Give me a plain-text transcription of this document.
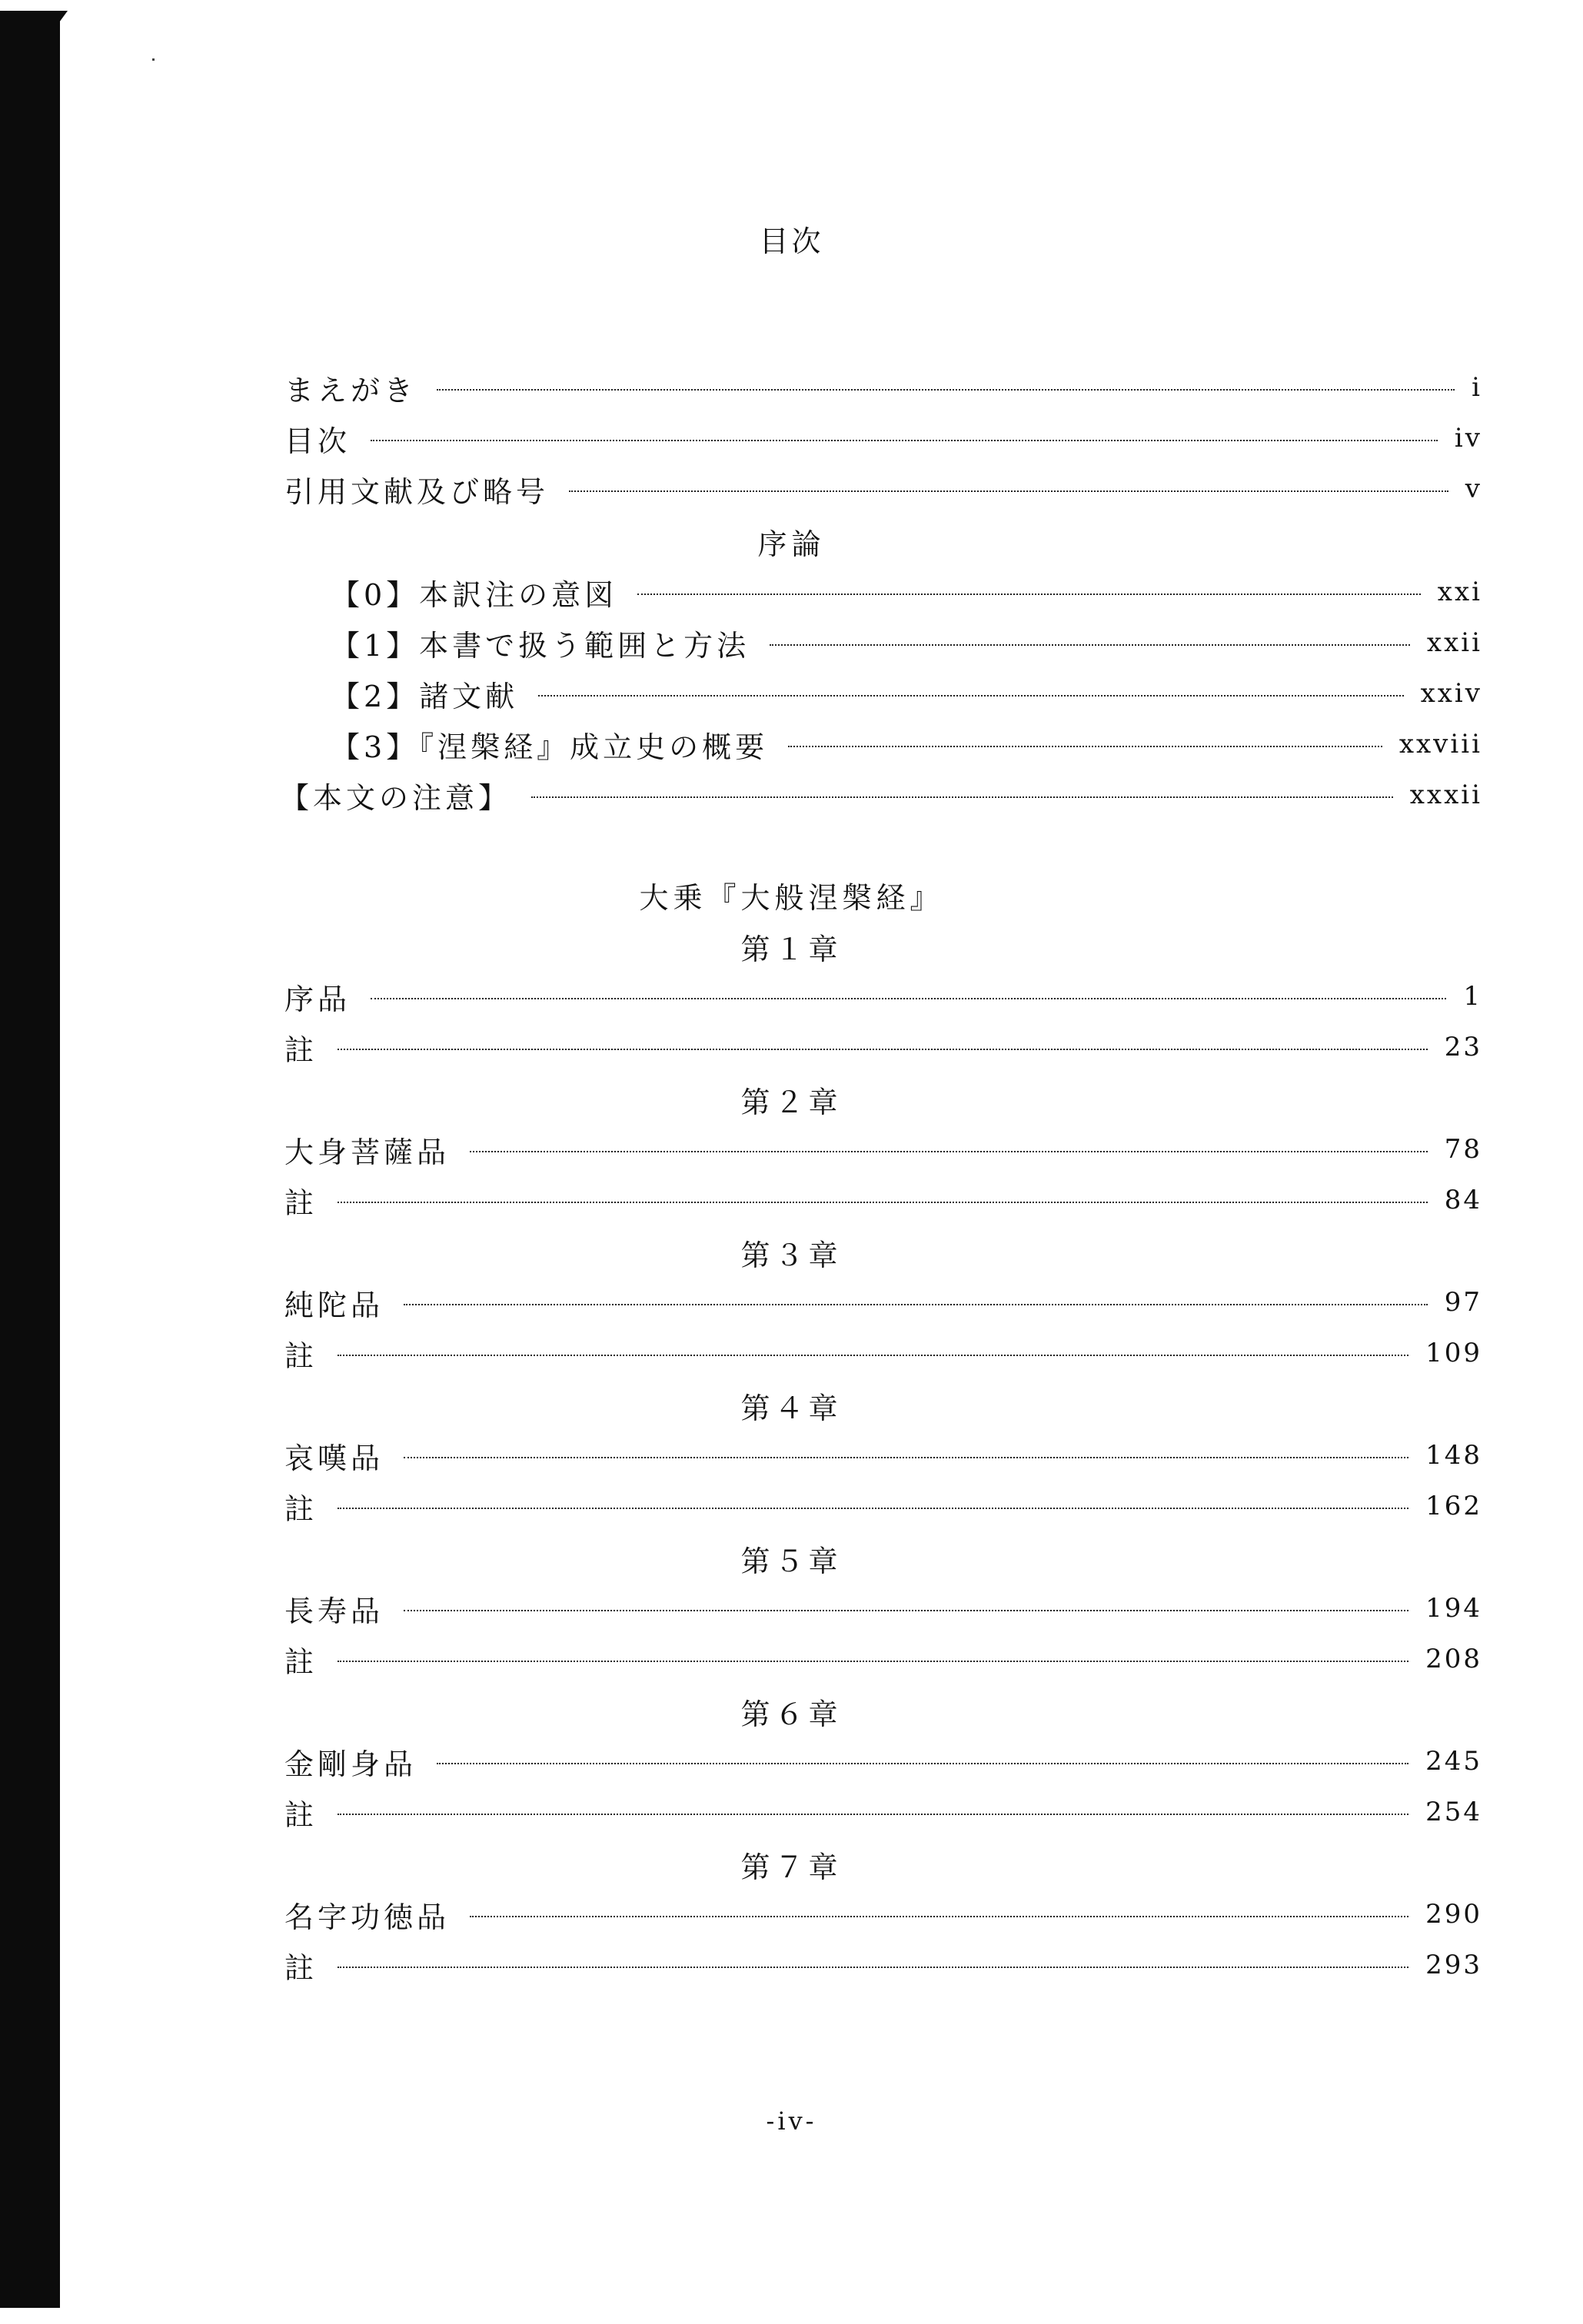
目次
まえがき	i
目次	iv
引用文献及び略号	v
序論
【0】本訳注の意図	xxi
【1】本書で扱う範囲と方法	xxii
【2】諸文献	xxiv
【3】『涅槃経』成立史の概要	xxviii
【本文の注意】	xxxii
大乗『大般涅槃経』
第１章
序品	1
註	23
第２章
大身菩薩品	78
註	84
第３章
純陀品	97
註	109
第４章
哀嘆品	148
註	162
第５章
長寿品	194
註	208
第６章
金剛身品	245
註	254
第７章
名字功徳品	290
註	293
-iv-
